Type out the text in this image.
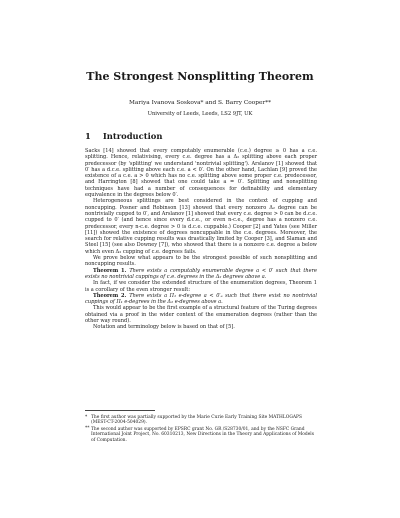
The Strongest Nonsplitting Theorem
Mariya Ivanova Soskova* and S. Barry Cooper**
University of Leeds, Leeds, LS2 9JT, UK
1 Introduction

Sacks [14] showed that every computably enumerable (c.e.) degree ≥ 0 has a c.e. splitting. Hence, relativising, every c.e. degree has a Δ₂ splitting above each proper predecessor (by 'splitting' we understand 'nontrivial splitting'). Arslanov [1] showed that 0′ has a d.c.e. splitting above each c.e. a < 0′. On the other hand, Lachlan [9] proved the existence of a c.e. a > 0 which has no c.e. splitting above some proper c.e. predecessor, and Harrington [8] showed that one could take a = 0′. Splitting and nonsplitting techniques have had a number of consequences for definability and elementary equivalence in the degrees below 0′.

Heterogeneous splittings are best considered in the context of cupping and noncupping. Posner and Robinson [13] showed that every nonzero Δ₂ degree can be nontrivially cupped to 0′, and Arslanov [1] showed that every c.e. degree > 0 can be d.c.e. cupped to 0′ (and hence since every d.c.e., or even n-c.e., degree has a nonzero c.e. predecessor, every n-c.e. degree > 0 is d.c.e. cuppable.) Cooper [2] and Yates (see Miller [11]) showed the existence of degrees noncuppable in the c.e. degrees. Moreover, the search for relative cupping results was drastically limited by Cooper [3], and Slaman and Steel [15] (see also Downey [7]), who showed that there is a nonzero c.e. degree a below which even Δ₂ cupping of c.e. degrees fails.

We prove below what appears to be the strongest possible of such nonsplitting and noncupping results.

Theorem 1. There exists a computably enumerable degree a < 0′ such that there exists no nontrivial cuppings of c.e. degrees in the Δ₂ degrees above a.

In fact, if we consider the extended structure of the enumeration degrees, Theorem 1 is a corollary of the even stronger result:

Theorem 2. There exists a Π₁ e-degree a < 0′ₑ such that there exist no nontrivial cuppings of Π₁ e-degrees in the Δ₂ e-degrees above a.

This would appear to be the first example of a structural feature of the Turing degrees obtained via a proof in the wider context of the enumeration degrees (rather than the other way round).

Notation and terminology below is based on that of [5].

* The first author was partially supported by the Marie Curie Early Training Site MATHLOGAPS (MEST-CT-2004-504029).
** The second author was supported by EPSRC grant No. GR /S28730/01, and by the NSFC Grand International Joint Project, No. 60310213, New Directions in the Theory and Applications of Models of Computation.
